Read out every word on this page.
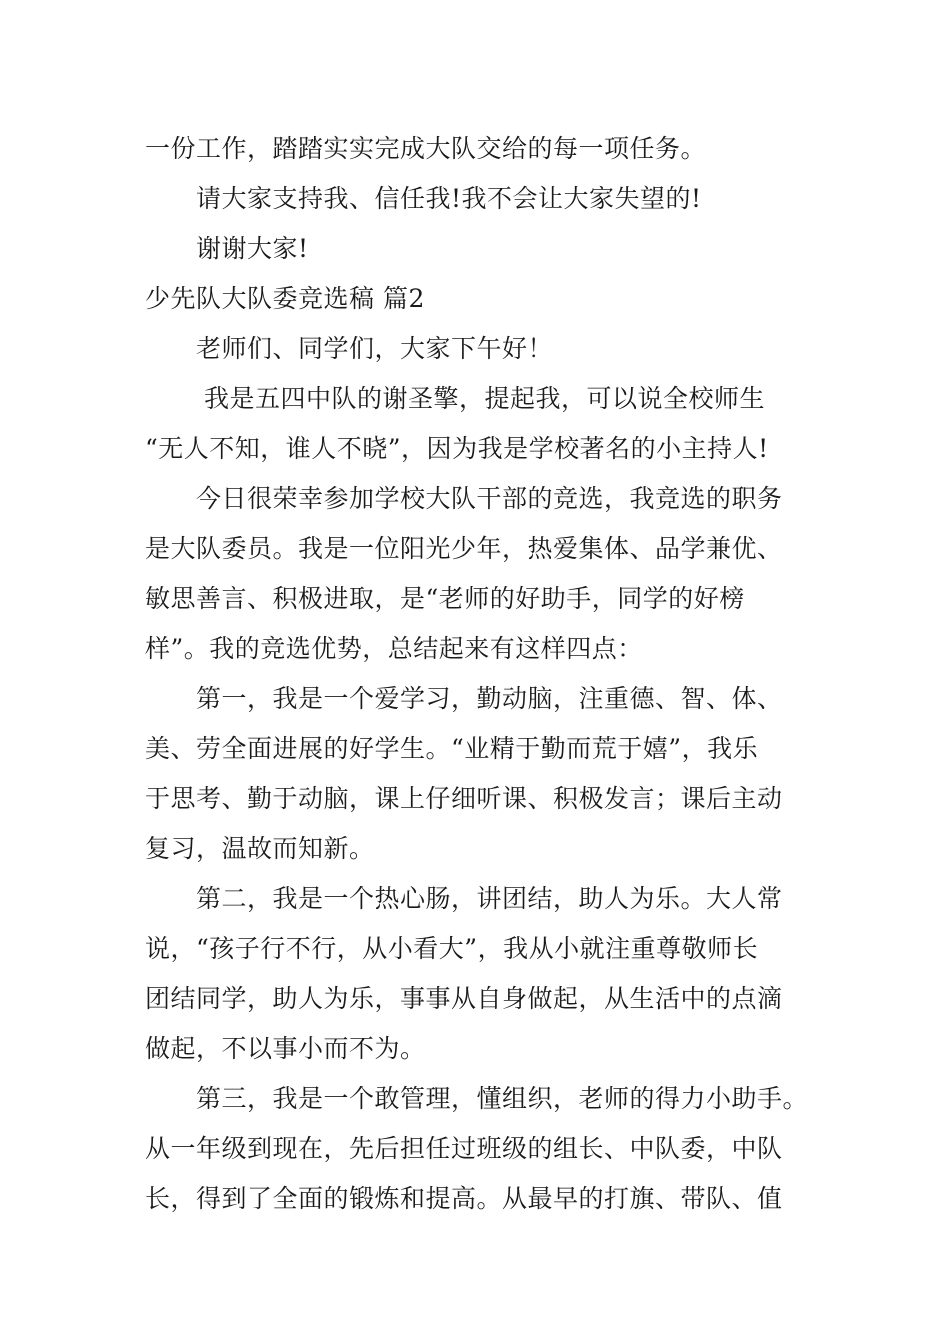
一份工作，踏踏实实完成大队交给的每一项任务。
请大家支持我、信任我!我不会让大家失望的!
谢谢大家!
少先队大队委竞选稿 篇2
老师们、同学们，大家下午好！
我是五四中队的谢圣擎，提起我，可以说全校师生
“无人不知，谁人不晓”，因为我是学校著名的小主持人!
今日很荣幸参加学校大队干部的竞选，我竞选的职务
是大队委员。我是一位阳光少年，热爱集体、品学兼优、
敏思善言、积极进取，是“老师的好助手，同学的好榜
样”。我的竞选优势，总结起来有这样四点：
第一，我是一个爱学习，勤动脑，注重德、智、体、
美、劳全面进展的好学生。“业精于勤而荒于嬉”，我乐
于思考、勤于动脑，课上仔细听课、积极发言；课后主动
复习，温故而知新。
第二，我是一个热心肠，讲团结，助人为乐。大人常
说，“孩子行不行，从小看大”，我从小就注重尊敬师长
团结同学，助人为乐，事事从自身做起，从生活中的点滴
做起，不以事小而不为。
第三，我是一个敢管理，懂组织，老师的得力小助手。
从一年级到现在，先后担任过班级的组长、中队委，中队
长，得到了全面的锻炼和提高。从最早的打旗、带队、值
